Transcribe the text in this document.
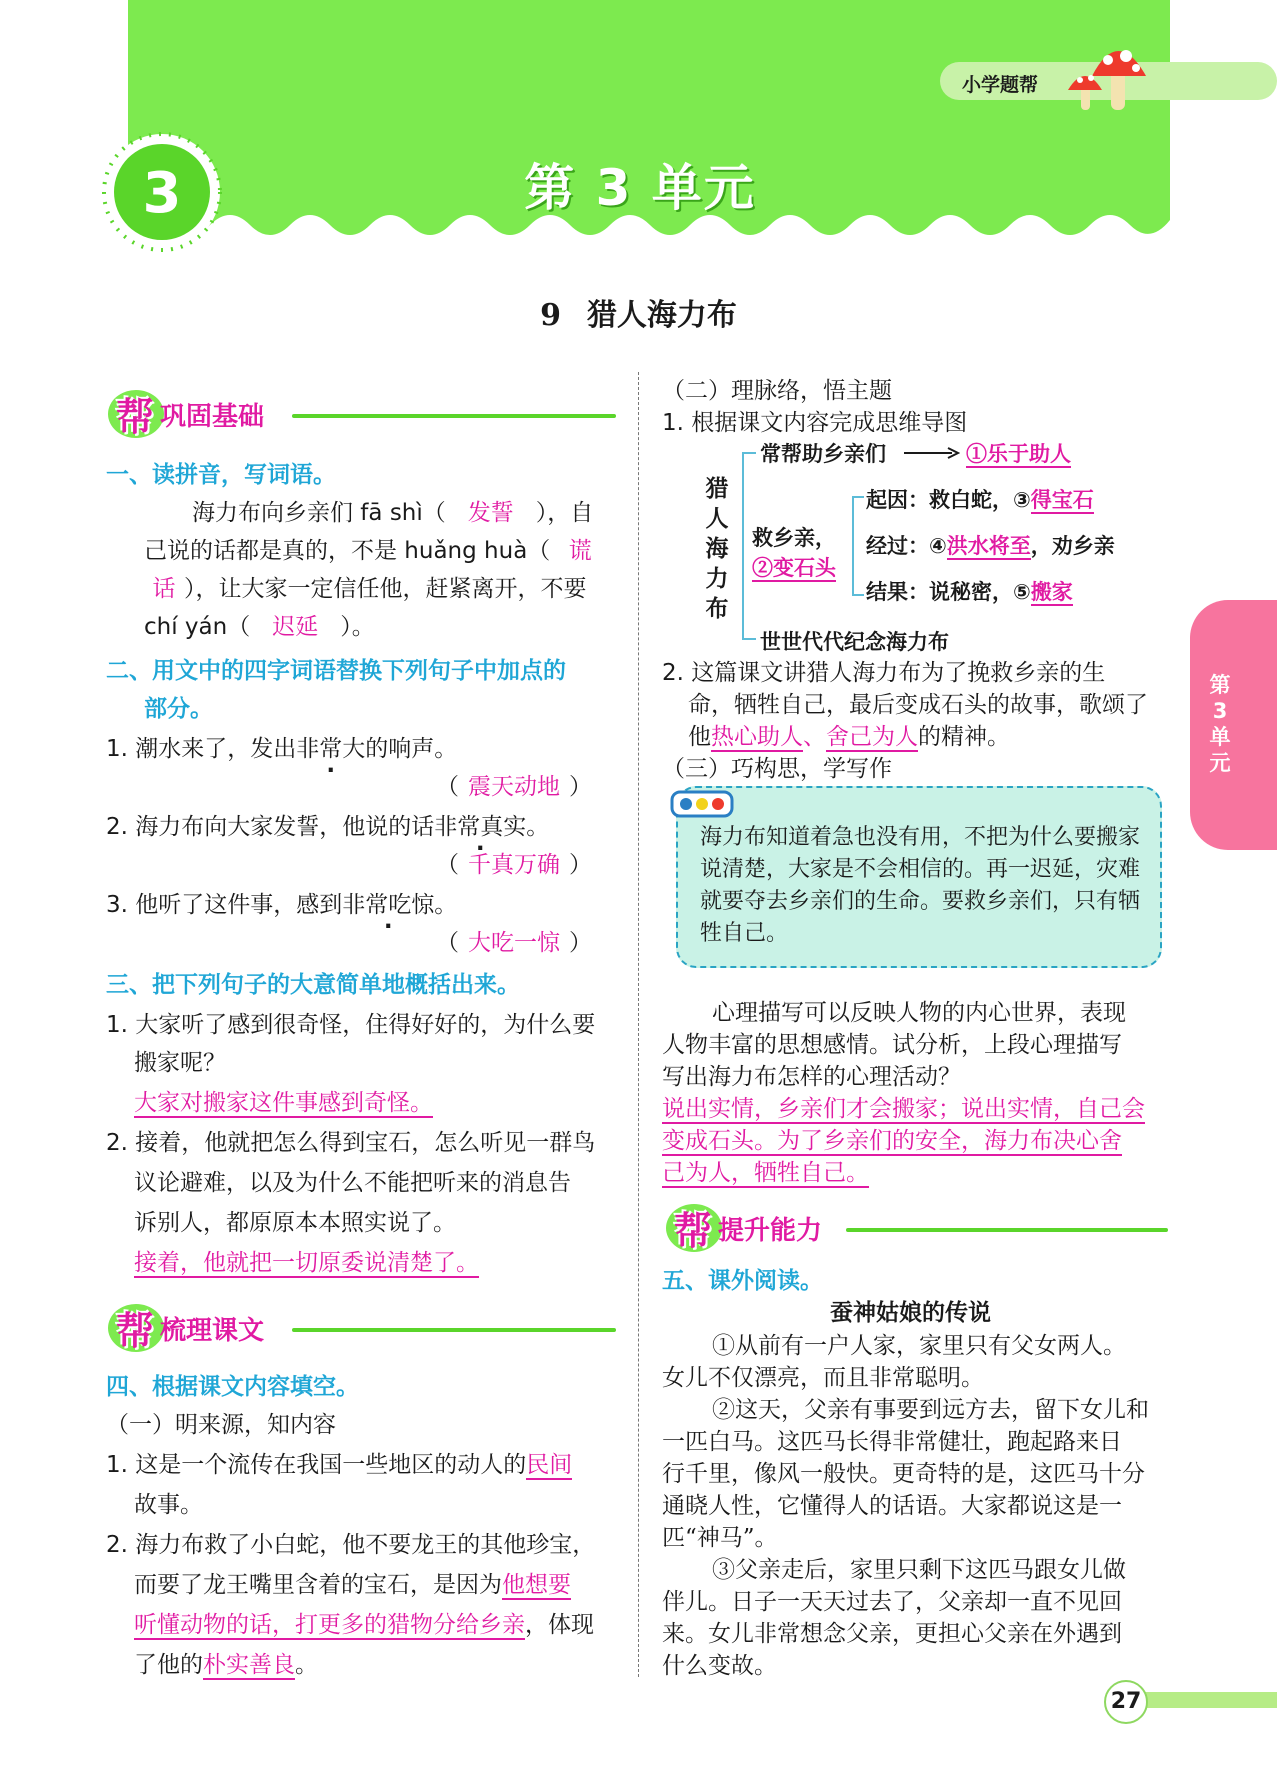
3
小学题帮
第 3 单元
9 猎人海力布
帮 巩固基础
一、读拼音，写词语。
海力布向乡亲们 fā shì（ 发誓 ），自
己说的话都是真的，不是 huǎng huà（ 谎
话 ），让大家一定信任他，赶紧离开，不要
chí yán（ 迟延 ）。
二、用文中的四字词语替换下列句子中加点的
部分。
1. 潮水来了，发出非常大的响声。
（ 震天动地 ）
2. 海力布向大家发誓，他说的话非常真实。
（ 千真万确 ）
3. 他听了这件事，感到非常吃惊。
（ 大吃一惊 ）
三、把下列句子的大意简单地概括出来。
1. 大家听了感到很奇怪，住得好好的，为什么要
搬家呢？
大家对搬家这件事感到奇怪。
2. 接着，他就把怎么得到宝石，怎么听见一群鸟
议论避难，以及为什么不能把听来的消息告
诉别人，都原原本本照实说了。
接着，他就把一切原委说清楚了。
帮 梳理课文
四、根据课文内容填空。
（一）明来源，知内容
1. 这是一个流传在我国一些地区的动人的民间
故事。
2. 海力布救了小白蛇，他不要龙王的其他珍宝，
而要了龙王嘴里含着的宝石，是因为他想要
听懂动物的话，打更多的猎物分给乡亲，体现
了他的朴实善良。
（二）理脉络，悟主题
1. 根据课文内容完成思维导图
猎
人
海
力
布
常帮助乡亲们	①乐于助人
救乡亲，
②变石头
起因：救白蛇，③得宝石
经过：④洪水将至，劝乡亲
结果：说秘密，⑤搬家
世世代代纪念海力布
2. 这篇课文讲猎人海力布为了挽救乡亲的生
命，牺牲自己，最后变成石头的故事，歌颂了
他热心助人、舍己为人的精神。
（三）巧构思，学写作
海力布知道着急也没有用，不把为什么要搬家说清楚，大家是不会相信的。再一迟延，灾难就要夺去乡亲们的生命。要救乡亲们，只有牺牲自己。
心理描写可以反映人物的内心世界，表现
人物丰富的思想感情。试分析，上段心理描写
写出海力布怎样的心理活动？
说出实情，乡亲们才会搬家；说出实情，自己会
变成石头。为了乡亲们的安全，海力布决心舍
己为人，牺牲自己。
帮 提升能力
五、课外阅读。
蚕神姑娘的传说
①从前有一户人家，家里只有父女两人。
女儿不仅漂亮，而且非常聪明。
②这天，父亲有事要到远方去，留下女儿和
一匹白马。这匹马长得非常健壮，跑起路来日
行千里，像风一般快。更奇特的是，这匹马十分
通晓人性，它懂得人的话语。大家都说这是一
匹“神马”。
③父亲走后，家里只剩下这匹马跟女儿做
伴儿。日子一天天过去了，父亲却一直不见回
来。女儿非常想念父亲，更担心父亲在外遇到
什么变故。
第
3
单
元
27
